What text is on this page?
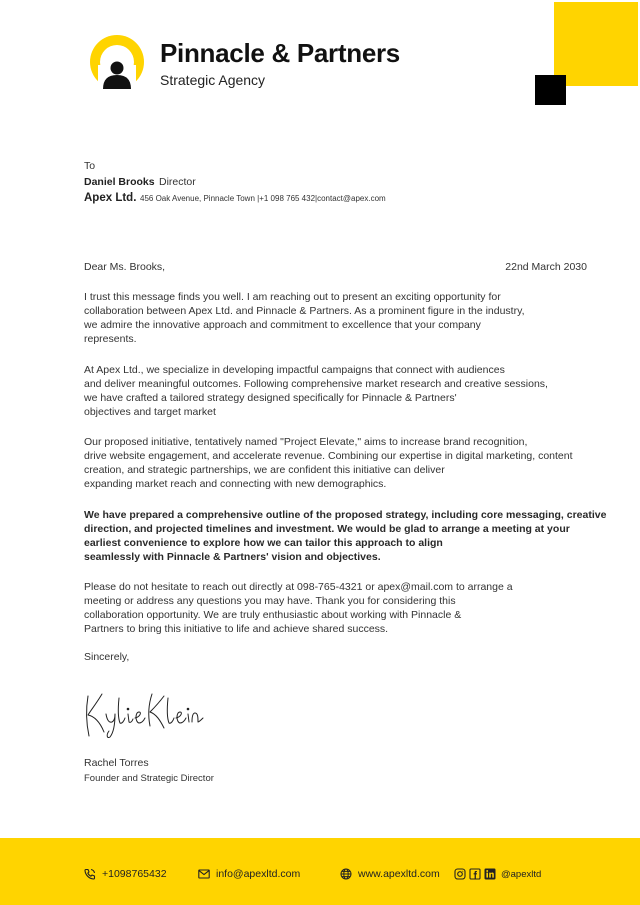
Pinnacle & Partners
Strategic Agency
To
Daniel Brooks Director
Apex Ltd. 456 Oak Avenue, Pinnacle Town |+1 098 765 432|contact@apex.com
Dear Ms. Brooks,	22nd March 2030
I trust this message finds you well. I am reaching out to present an exciting opportunity for
collaboration between Apex Ltd. and Pinnacle & Partners. As a prominent figure in the industry,
we admire the innovative approach and commitment to excellence that your company
represents.
At Apex Ltd., we specialize in developing impactful campaigns that connect with audiences
and deliver meaningful outcomes. Following comprehensive market research and creative sessions,
we have crafted a tailored strategy designed specifically for Pinnacle & Partners'
objectives and target market
Our proposed initiative, tentatively named "Project Elevate," aims to increase brand recognition,
drive website engagement, and accelerate revenue. Combining our expertise in digital marketing, content
creation, and strategic partnerships, we are confident this initiative can deliver
expanding market reach and connecting with new demographics.
We have prepared a comprehensive outline of the proposed strategy, including core messaging, creative
direction, and projected timelines and investment. We would be glad to arrange a meeting at your
earliest convenience to explore how we can tailor this approach to align
seamlessly with Pinnacle & Partners' vision and objectives.
Please do not hesitate to reach out directly at 098-765-4321 or apex@mail.com to arrange a
meeting or address any questions you may have. Thank you for considering this
collaboration opportunity. We are truly enthusiastic about working with Pinnacle &
Partners to bring this initiative to life and achieve shared success.
Sincerely,
Rachel Torres
Founder and Strategic Director
+1098765432	info@apexltd.com	www.apexltd.com	@apexltd
